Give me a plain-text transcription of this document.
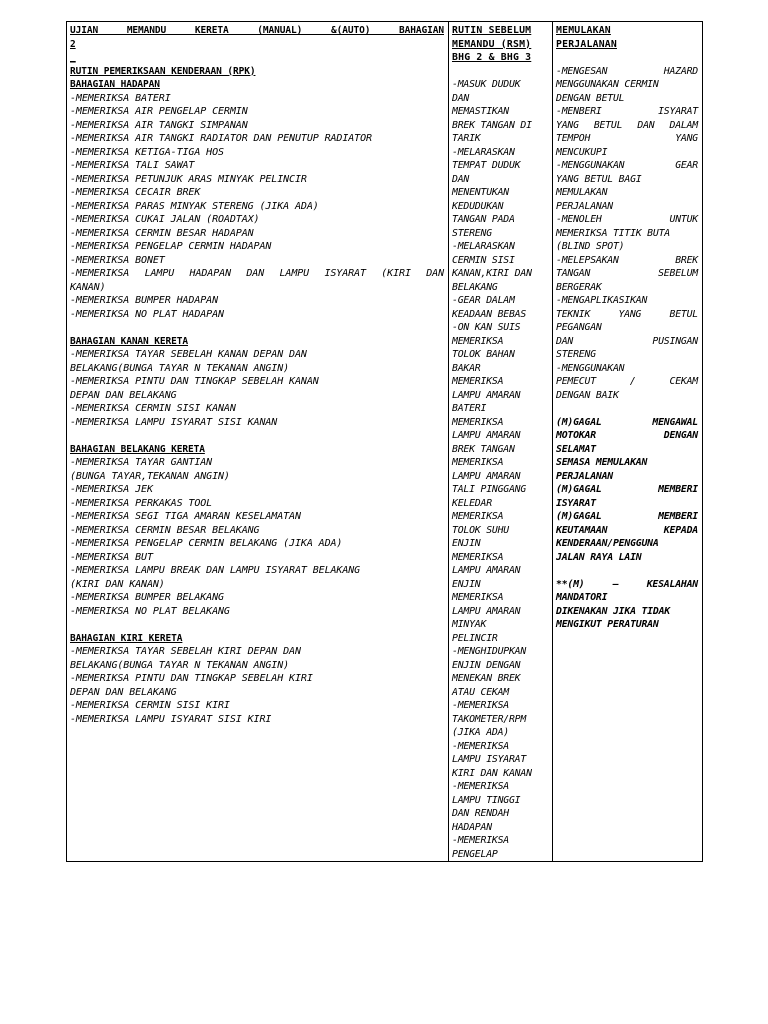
UJIAN MEMANDU KERETA (MANUAL) &(AUTO) BAHAGIAN
2
_
RUTIN PEMERIKSAAN KENDERAAN (RPK)
BAHAGIAN HADAPAN
-MEMERIKSA BATERI
-MEMERIKSA AIR PENGELAP CERMIN
-MEMERIKSA AIR TANGKI SIMPANAN
-MEMERIKSA AIR TANGKI RADIATOR DAN PENUTUP RADIATOR
-MEMERIKSA KETIGA-TIGA HOS
-MEMERIKSA TALI SAWAT
-MEMERIKSA PETUNJUK ARAS MINYAK PELINCIR
-MEMERIKSA CECAIR BREK
-MEMERIKSA PARAS MINYAK STERENG (JIKA ADA)
-MEMERIKSA CUKAI JALAN (ROADTAX)
-MEMERIKSA CERMIN BESAR HADAPAN
-MEMERIKSA PENGELAP CERMIN HADAPAN
-MEMERIKSA BONET
-MEMERIKSA LAMPU HADAPAN DAN LAMPU ISYARAT (KIRI DAN
KANAN)
-MEMERIKSA BUMPER HADAPAN
-MEMERIKSA NO PLAT HADAPAN
BAHAGIAN KANAN KERETA
-MEMERIKSA TAYAR SEBELAH KANAN DEPAN DAN
BELAKANG(BUNGA TAYAR N TEKANAN ANGIN)
-MEMERIKSA PINTU DAN TINGKAP SEBELAH KANAN
DEPAN DAN BELAKANG
-MEMERIKSA CERMIN SISI KANAN
-MEMERIKSA LAMPU ISYARAT SISI KANAN
BAHAGIAN BELAKANG KERETA
-MEMERIKSA TAYAR GANTIAN
(BUNGA TAYAR,TEKANAN ANGIN)
-MEMERIKSA JEK
-MEMERIKSA PERKAKAS TOOL
-MEMERIKSA SEGI TIGA AMARAN KESELAMATAN
-MEMERIKSA CERMIN BESAR BELAKANG
-MEMERIKSA PENGELAP CERMIN BELAKANG (JIKA ADA)
-MEMERIKSA BUT
-MEMERIKSA LAMPU BREAK DAN LAMPU ISYARAT BELAKANG
(KIRI DAN KANAN)
-MEMERIKSA BUMPER BELAKANG
-MEMERIKSA NO PLAT BELAKANG
BAHAGIAN KIRI KERETA
-MEMERIKSA TAYAR SEBELAH KIRI DEPAN DAN
BELAKANG(BUNGA TAYAR N TEKANAN ANGIN)
-MEMERIKSA PINTU DAN TINGKAP SEBELAH KIRI
DEPAN DAN BELAKANG
-MEMERIKSA CERMIN SISI KIRI
-MEMERIKSA LAMPU ISYARAT SISI KIRI
RUTIN SEBELUM
MEMANDU (RSM)
BHG 2 & BHG 3

-MASUK DUDUK
DAN
MEMASTIKAN
BREK TANGAN DI
TARIK
-MELARASKAN
TEMPAT DUDUK
DAN
MENENTUKAN
KEDUDUKAN
TANGAN PADA
STERENG
-MELARASKAN
CERMIN SISI
KANAN,KIRI DAN
BELAKANG
-GEAR DALAM
KEADAAN BEBAS
-ON KAN SUIS
MEMERIKSA
TOLOK BAHAN
BAKAR
MEMERIKSA
LAMPU AMARAN
BATERI
MEMERIKSA
LAMPU AMARAN
BREK TANGAN
MEMERIKSA
LAMPU AMARAN
TALI PINGGANG
KELEDAR
MEMERIKSA
TOLOK SUHU
ENJIN
MEMERIKSA
LAMPU AMARAN
ENJIN
MEMERIKSA
LAMPU AMARAN
MINYAK
PELINCIR
-MENGHIDUPKAN
ENJIN DENGAN
MENEKAN BREK
ATAU CEKAM
-MEMERIKSA
TAKOMETER/RPM
(JIKA ADA)
-MEMERIKSA
LAMPU ISYARAT
KIRI DAN KANAN
-MEMERIKSA
LAMPU TINGGI
DAN RENDAH
HADAPAN
-MEMERIKSA
PENGELAP
MEMULAKAN
PERJALANAN

-MENGESAN HAZARD
MENGGUNAKAN CERMIN
DENGAN BETUL
-MENBERI ISYARAT
YANG BETUL DAN DALAM
TEMPOH YANG
MENCUKUPI
-MENGGUNAKAN GEAR
YANG BETUL BAGI
MEMULAKAN
PERJALANAN
-MENOLEH UNTUK
MEMERIKSA TITIK BUTA
(BLIND SPOT)
-MELEPSAKAN BREK
TANGAN SEBELUM
BERGERAK
-MENGAPLIKASIKAN
TEKNIK YANG BETUL
PEGANGAN
DAN PUSINGAN
STERENG
-MENGGUNAKAN
PEMECUT / CEKAM
DENGAN BAIK
(M)GAGAL MENGAWAL
MOTOKAR DENGAN
SELAMAT
SEMASA MEMULAKAN
PERJALANAN
(M)GAGAL MEMBERI
ISYARAT
(M)GAGAL MEMBERI
KEUTAMAAN KEPADA
KENDERAAN/PENGGUNA
JALAN RAYA LAIN

**(M) – KESALAHAN
MANDATORI
DIKENAKAN JIKA TIDAK
MENGIKUT PERATURAN
